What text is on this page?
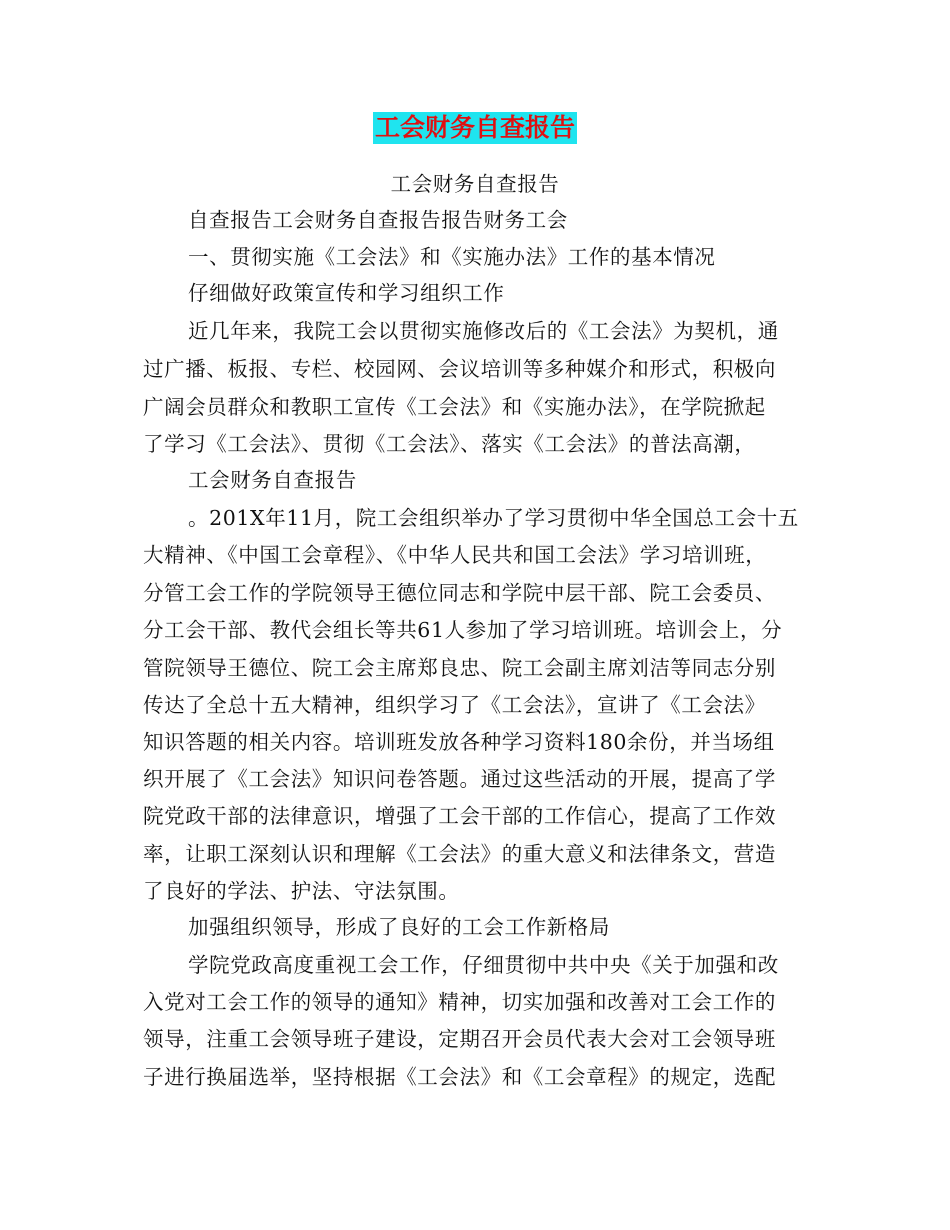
工会财务自查报告
工会财务自查报告
自查报告工会财务自查报告报告财务工会
一、贯彻实施《工会法》和《实施办法》工作的基本情况
仔细做好政策宣传和学习组织工作
近几年来，我院工会以贯彻实施修改后的《工会法》为契机，通
过广播、板报、专栏、校园网、会议培训等多种媒介和形式，积极向
广阔会员群众和教职工宣传《工会法》和《实施办法》，在学院掀起
了学习《工会法》、贯彻《工会法》、落实《工会法》的普法高潮，
工会财务自查报告
。201X年11月，院工会组织举办了学习贯彻中华全国总工会十五
大精神、《中国工会章程》、《中华人民共和国工会法》学习培训班，
分管工会工作的学院领导王德位同志和学院中层干部、院工会委员、
分工会干部、教代会组长等共61人参加了学习培训班。培训会上，分
管院领导王德位、院工会主席郑良忠、院工会副主席刘洁等同志分别
传达了全总十五大精神，组织学习了《工会法》，宣讲了《工会法》
知识答题的相关内容。培训班发放各种学习资料180余份，并当场组
织开展了《工会法》知识问卷答题。通过这些活动的开展，提高了学
院党政干部的法律意识，增强了工会干部的工作信心，提高了工作效
率，让职工深刻认识和理解《工会法》的重大意义和法律条文，营造
了良好的学法、护法、守法氛围。
加强组织领导，形成了良好的工会工作新格局
学院党政高度重视工会工作，仔细贯彻中共中央《关于加强和改
入党对工会工作的领导的通知》精神，切实加强和改善对工会工作的
领导，注重工会领导班子建设，定期召开会员代表大会对工会领导班
子进行换届选举，坚持根据《工会法》和《工会章程》的规定，选配
